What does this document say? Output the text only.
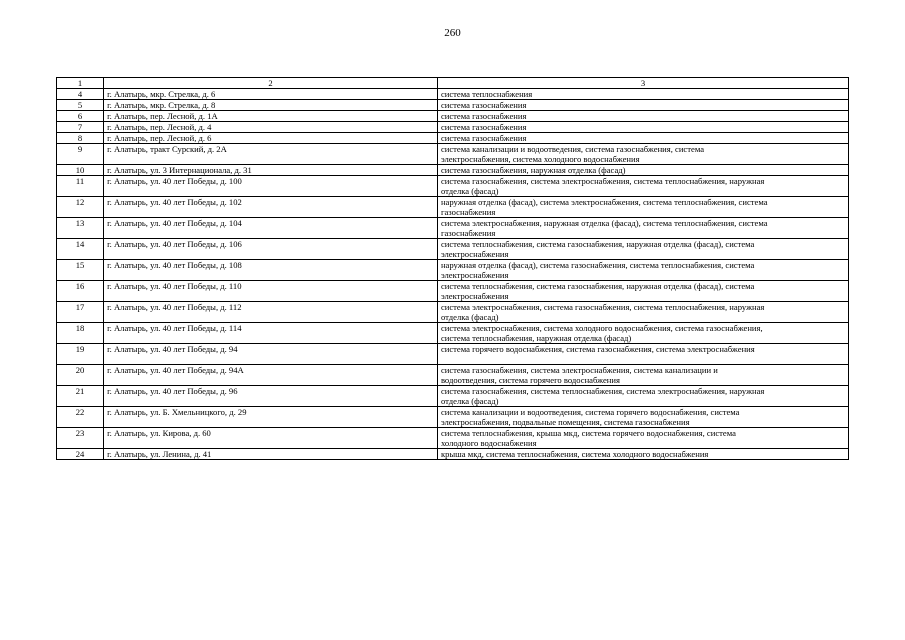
260
1	2	3
4	г. Алатырь, мкр. Стрелка, д. 6	система теплоснабжения

5	г. Алатырь, мкр. Стрелка, д. 8	система газоснабжения

6	г. Алатырь, пер. Лесной, д. 1А	система газоснабжения

7	г. Алатырь, пер. Лесной, д. 4	система газоснабжения

8	г. Алатырь, пер. Лесной, д. 6	система газоснабжения

9	г. Алатырь, тракт Сурский, д. 2А	система канализации и водоотведения, система газоснабжения, система
электроснабжения, система холодного водоснабжения

10	г. Алатырь, ул. 3 Интернационала, д. 31	система газоснабжения, наружная отделка (фасад)

11	г. Алатырь, ул. 40 лет Победы, д. 100	система газоснабжения, система электроснабжения, система теплоснабжения, наружная
отделка (фасад)

12	г. Алатырь, ул. 40 лет Победы, д. 102	наружная отделка (фасад), система электроснабжения, система теплоснабжения, система
газоснабжения

13	г. Алатырь, ул. 40 лет Победы, д. 104	система электроснабжения, наружная отделка (фасад), система теплоснабжения, система
газоснабжения

14	г. Алатырь, ул. 40 лет Победы, д. 106	система теплоснабжения, система газоснабжения, наружная отделка (фасад), система
электроснабжения

15	г. Алатырь, ул. 40 лет Победы, д. 108	наружная отделка (фасад), система газоснабжения, система теплоснабжения, система
электроснабжения

16	г. Алатырь, ул. 40 лет Победы, д. 110	система теплоснабжения, система газоснабжения, наружная отделка (фасад), система
электроснабжения

17	г. Алатырь, ул. 40 лет Победы, д. 112	система электроснабжения, система газоснабжения, система теплоснабжения, наружная
отделка (фасад)

18	г. Алатырь, ул. 40 лет Победы, д. 114	система электроснабжения, система холодного водоснабжения, система газоснабжения,
система теплоснабжения, наружная отделка (фасад)

19	г. Алатырь, ул. 40 лет Победы, д. 94	система горячего водоснабжения, система газоснабжения, система электроснабжения

20	г. Алатырь, ул. 40 лет Победы, д. 94А	система газоснабжения, система электроснабжения, система канализации и
водоотведения, система горячего водоснабжения

21	г. Алатырь, ул. 40 лет Победы, д. 96	система газоснабжения, система теплоснабжения, система электроснабжения, наружная
отделка (фасад)

22	г. Алатырь, ул. Б. Хмельницкого, д. 29	система канализации и водоотведения, система горячего водоснабжения, система
электроснабжения, подвальные помещения, система газоснабжения

23	г. Алатырь, ул. Кирова, д. 60	система теплоснабжения, крыша мкд, система горячего водоснабжения, система
холодного водоснабжения

24	г. Алатырь, ул. Ленина, д. 41	крыша мкд, система теплоснабжения, система холодного водоснабжения
